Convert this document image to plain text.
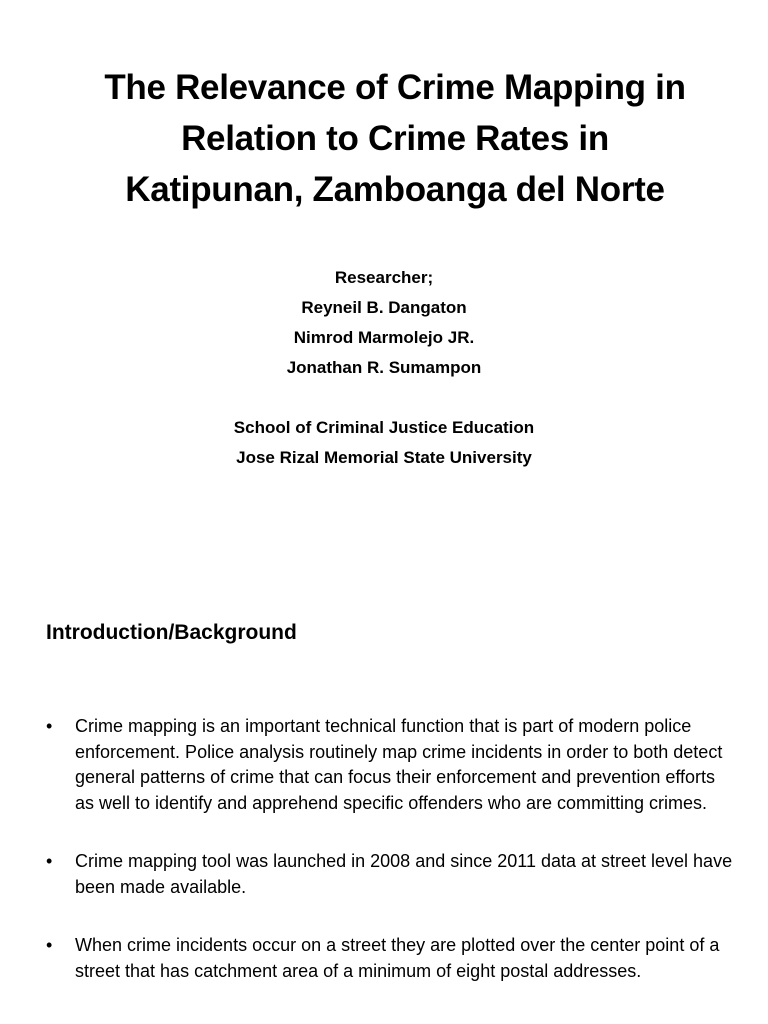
The Relevance of Crime Mapping in

Relation to Crime Rates in

Katipunan, Zamboanga del Norte

Researcher;
Reyneil B. Dangaton
Nimrod Marmolejo JR.
Jonathan R. Sumampon
School of Criminal Justice Education
Jose Rizal Memorial State University
Introduction/Background
•	Crime mapping is an important technical function that is part of modern police enforcement. Police analysis routinely map crime incidents in order to both detect general patterns of crime that can focus their enforcement and prevention efforts as well to identify and apprehend specific offenders who are committing crimes.
•	Crime mapping tool was launched in 2008 and since 2011 data at street level have been made available.
•	When crime incidents occur on a street they are plotted over the center point of a street that has catchment area of a minimum of eight postal addresses.
